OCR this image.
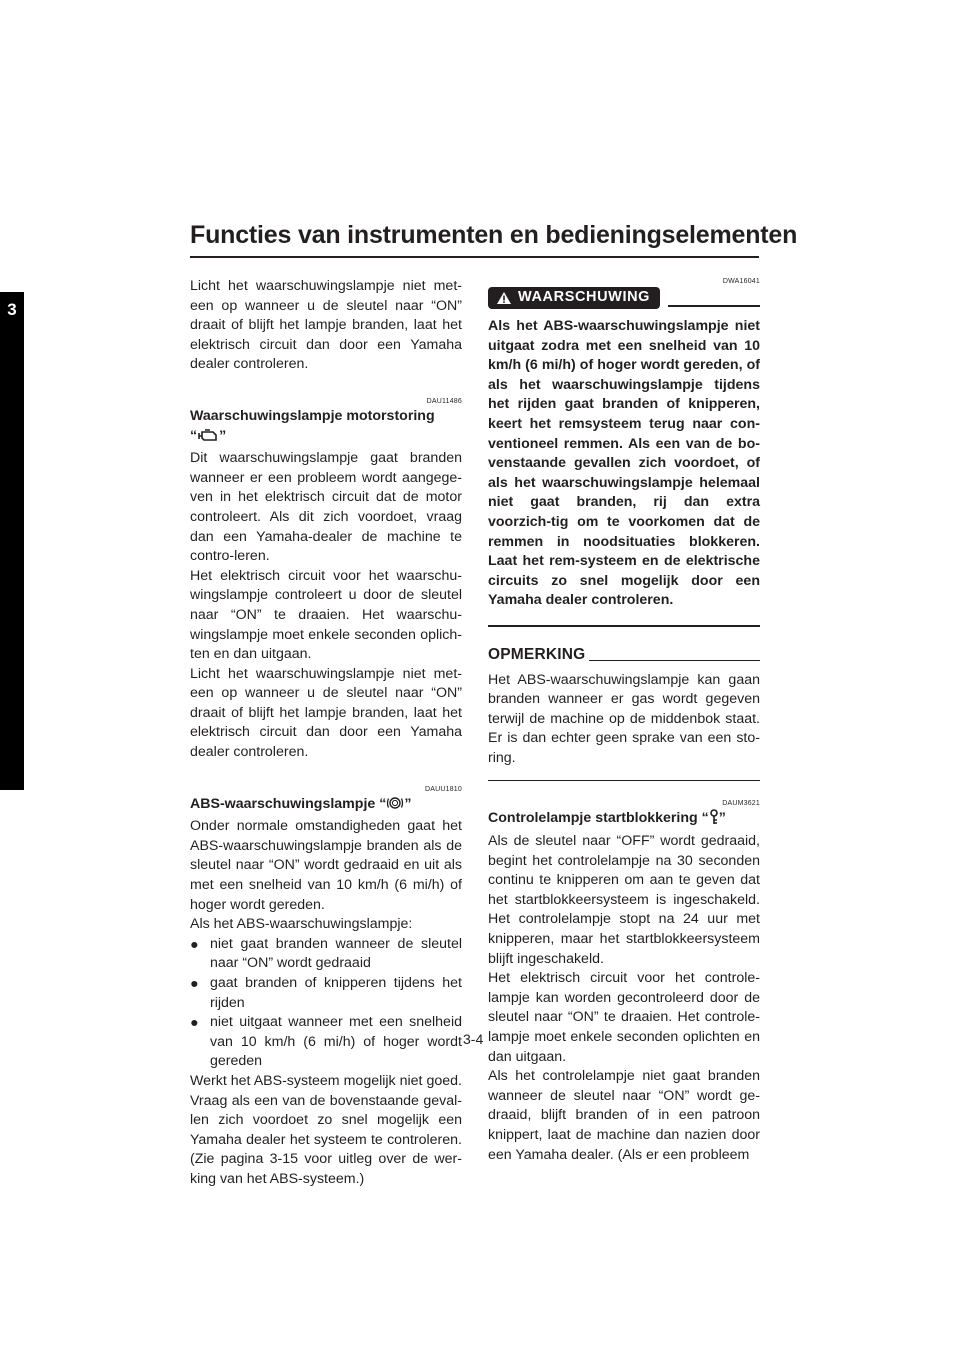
Functies van instrumenten en bedieningselementen
3

Licht het waarschuwingslampje niet met-een op wanneer u de sleutel naar “ON” draait of blijft het lampje branden, laat het elektrisch circuit dan door een Yamaha dealer controleren.

DAU11486
Waarschuwingslampje motorstoring
“ ”

Dit waarschuwingslampje gaat branden wanneer er een probleem wordt aangege-ven in het elektrisch circuit dat de motor controleert. Als dit zich voordoet, vraag dan een Yamaha-dealer de machine te contro-leren.

Het elektrisch circuit voor het waarschu-wingslampje controleert u door de sleutel naar “ON” te draaien. Het waarschu-wingslampje moet enkele seconden oplich-ten en dan uitgaan.

Licht het waarschuwingslampje niet met-een op wanneer u de sleutel naar “ON” draait of blijft het lampje branden, laat het elektrisch circuit dan door een Yamaha dealer controleren.

DAUU1810
ABS-waarschuwingslampje “ ”

Onder normale omstandigheden gaat het ABS-waarschuwingslampje branden als de sleutel naar “ON” wordt gedraaid en uit als met een snelheid van 10 km/h (6 mi/h) of hoger wordt gereden.

Als het ABS-waarschuwingslampje:

● niet gaat branden wanneer de sleutel naar “ON” wordt gedraaid
● gaat branden of knipperen tijdens het rijden
● niet uitgaat wanneer met een snelheid van 10 km/h (6 mi/h) of hoger wordt gereden

Werkt het ABS-systeem mogelijk niet goed. Vraag als een van de bovenstaande geval-len zich voordoet zo snel mogelijk een Yamaha dealer het systeem te controleren. (Zie pagina 3-15 voor uitleg over de wer-king van het ABS-systeem.)

DWA16041
WAARSCHUWING

Als het ABS-waarschuwingslampje niet uitgaat zodra met een snelheid van 10 km/h (6 mi/h) of hoger wordt gereden, of als het waarschuwingslampje tijdens het rijden gaat branden of knipperen, keert het remsysteem terug naar con-ventioneel remmen. Als een van de bo-venstaande gevallen zich voordoet, of als het waarschuwingslampje helemaal niet gaat branden, rij dan extra voorzich-tig om te voorkomen dat de remmen in noodsituaties blokkeren. Laat het rem-systeem en de elektrische circuits zo snel mogelijk door een Yamaha dealer controleren.

OPMERKING

Het ABS-waarschuwingslampje kan gaan branden wanneer er gas wordt gegeven terwijl de machine op de middenbok staat. Er is dan echter geen sprake van een sto-ring.

DAUM3621
Controlelampje startblokkering “ ”

Als de sleutel naar “OFF” wordt gedraaid, begint het controlelampje na 30 seconden continu te knipperen om aan te geven dat het startblokkeersysteem is ingeschakeld. Het controlelampje stopt na 24 uur met knipperen, maar het startblokkeersysteem blijft ingeschakeld.

Het elektrisch circuit voor het controle-lampje kan worden gecontroleerd door de sleutel naar “ON” te draaien. Het controle-lampje moet enkele seconden oplichten en dan uitgaan.

Als het controlelampje niet gaat branden wanneer de sleutel naar “ON” wordt ge-draaid, blijft branden of in een patroon knippert, laat de machine dan nazien door een Yamaha dealer. (Als er een probleem

3-4
